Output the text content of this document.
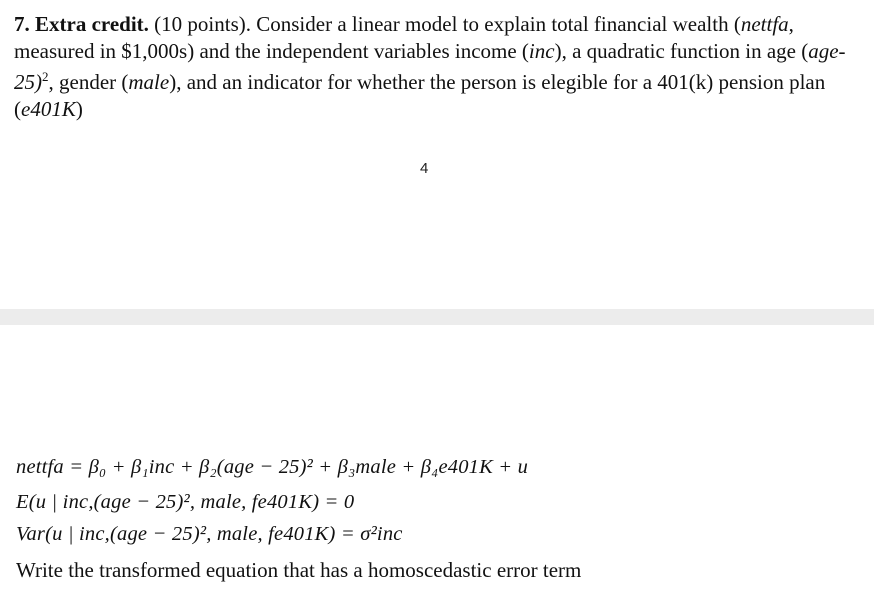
7. Extra credit. (10 points). Consider a linear model to explain total financial wealth (nettfa, measured in $1,000s) and the independent variables income (inc), a quadratic function in age $(age-25)^2$, gender (male), and an indicator for whether the person is elegible for a 401(k) pension plan (e401K)

4
nettfa = β₀ + β₁inc + β₂(age − 25)² + β₃male + β₄e401K + u
E(u | inc,(age − 25)², male, fe401K) = 0
Var(u | inc,(age − 25)², male, fe401K) = σ²inc
Write the transformed equation that has a homoscedastic error term
